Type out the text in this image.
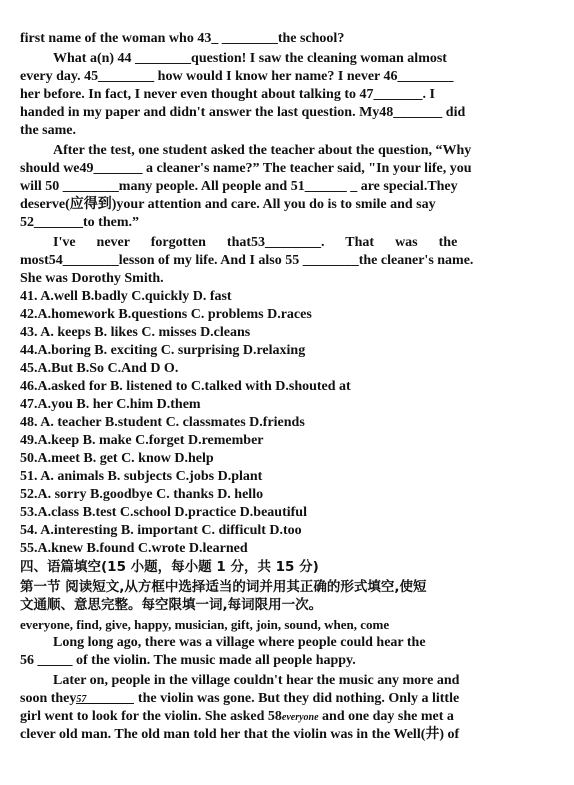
first name of the woman who 43_ ________the school?
What a(n) 44 ________question! I saw the cleaning woman almost
every day. 45________ how would I know her name? I never 46________
her before. In fact, I never even thought about talking to 47_______. I
handed in my paper and didn't answer the last question. My48_______ did
the same.
After the test, one student asked the teacher about the question, “Why
should we49_______ a cleaner's name?” The teacher said, "In your life, you
will 50 ________many people. All people and 51______ _ are special.They
deserve(应得到)your attention and care. All you do is to smile and say
52_______to them.”
I've      never      forgotten      that53________.      That      was      the
most54________lesson of my life. And I also 55 ________the cleaner's name.
She was Dorothy Smith.
41. A.well B.badly C.quickly D. fast
42.A.homework B.questions C. problems D.races
43. A. keeps B. likes C. misses D.cleans
44.A.boring B. exciting C. surprising D.relaxing
45.A.But B.So C.And D O.
46.A.asked for B. listened to C.talked with D.shouted at
47.A.you B. her C.him D.them
48. A. teacher B.student C. classmates D.friends
49.A.keep B. make C.forget D.remember
50.A.meet B. get C. know D.help
51. A. animals B. subjects C.jobs D.plant
52.A. sorry B.goodbye C. thanks D. hello
53.A.class B.test C.school D.practice D.beautiful
54. A.interesting B. important C. difficult D.too
55.A.knew B.found C.wrote D.learned
四、语篇填空(15 小题，每小题 1 分，共 15 分)
第一节 阅读短文,从方框中选择适当的词并用其正确的形式填空,使短
文通顺、意思完整。每空限填一词,每词限用一次。
everyone, find, give, happy, musician, gift, join, sound, when, come
Long long ago, there was a village where people could hear the
56 _____ of the violin. The music made all people happy.
Later on, people in the village couldn't hear the music any more and
soon they57	the violin was gone. But they did nothing. Only a little
girl went to look for the violin. She asked 58everyone and one day she met a
clever old man. The old man told her that the violin was in the Well(井) of
